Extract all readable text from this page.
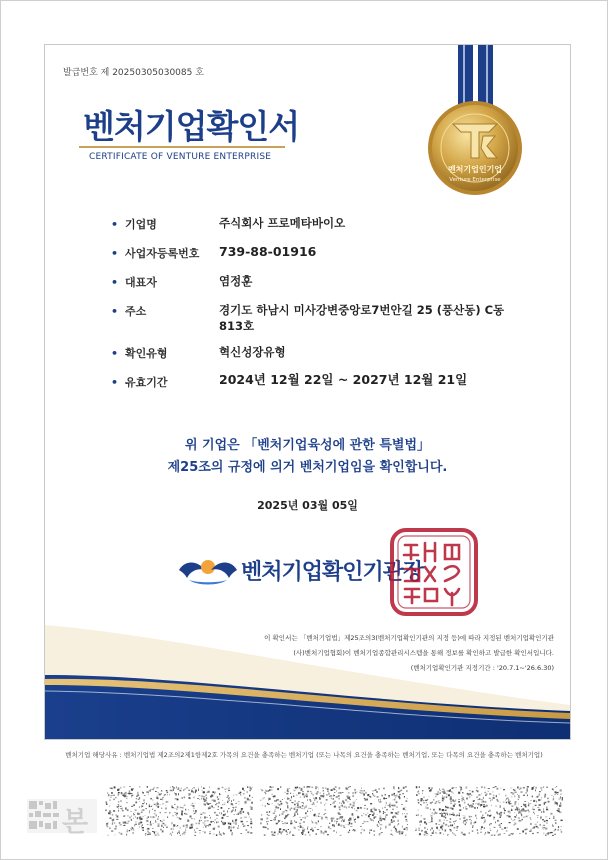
발급번호 제 20250305030085 호
벤처기업인기업
Venture Enterprise
벤처기업확인서
CERTIFICATE OF VENTURE ENTERPRISE
• 기업명	주식회사 프로메타바이오
• 사업자등록번호 739-88-01916
• 대표자	염정훈
• 주소	경기도 하남시 미사강변중앙로7번안길 25 (풍산동) C동
813호
• 확인유형	혁신성장유형
• 유효기간	2024년 12월 22일 ~ 2027년 12월 21일
위 기업은 「벤처기업육성에 관한 특별법」
제25조의 규정에 의거 벤처기업임을 확인합니다.
2025년 03월 05일
벤처기업확인기관장
이 확인서는 「벤처기업법」제25조의3(벤처기업확인기관의 지정 등)에 따라 지정된 벤처기업확인기관
(사)벤처기업협회)이 벤처기업종합관리시스템을 통해 정보를 확인하고 발급한 확인서입니다.
(벤처기업확인기관 지정기간 : '20.7.1~'26.6.30)
벤처기업 해당사유 : 벤처기업법 제2조의2제1항제2호 가목의 요건을 충족하는 벤처기업 (또는 나목의 요건을 충족하는 벤처기업, 또는 다목의 요건을 충족하는 벤처기업)
본
